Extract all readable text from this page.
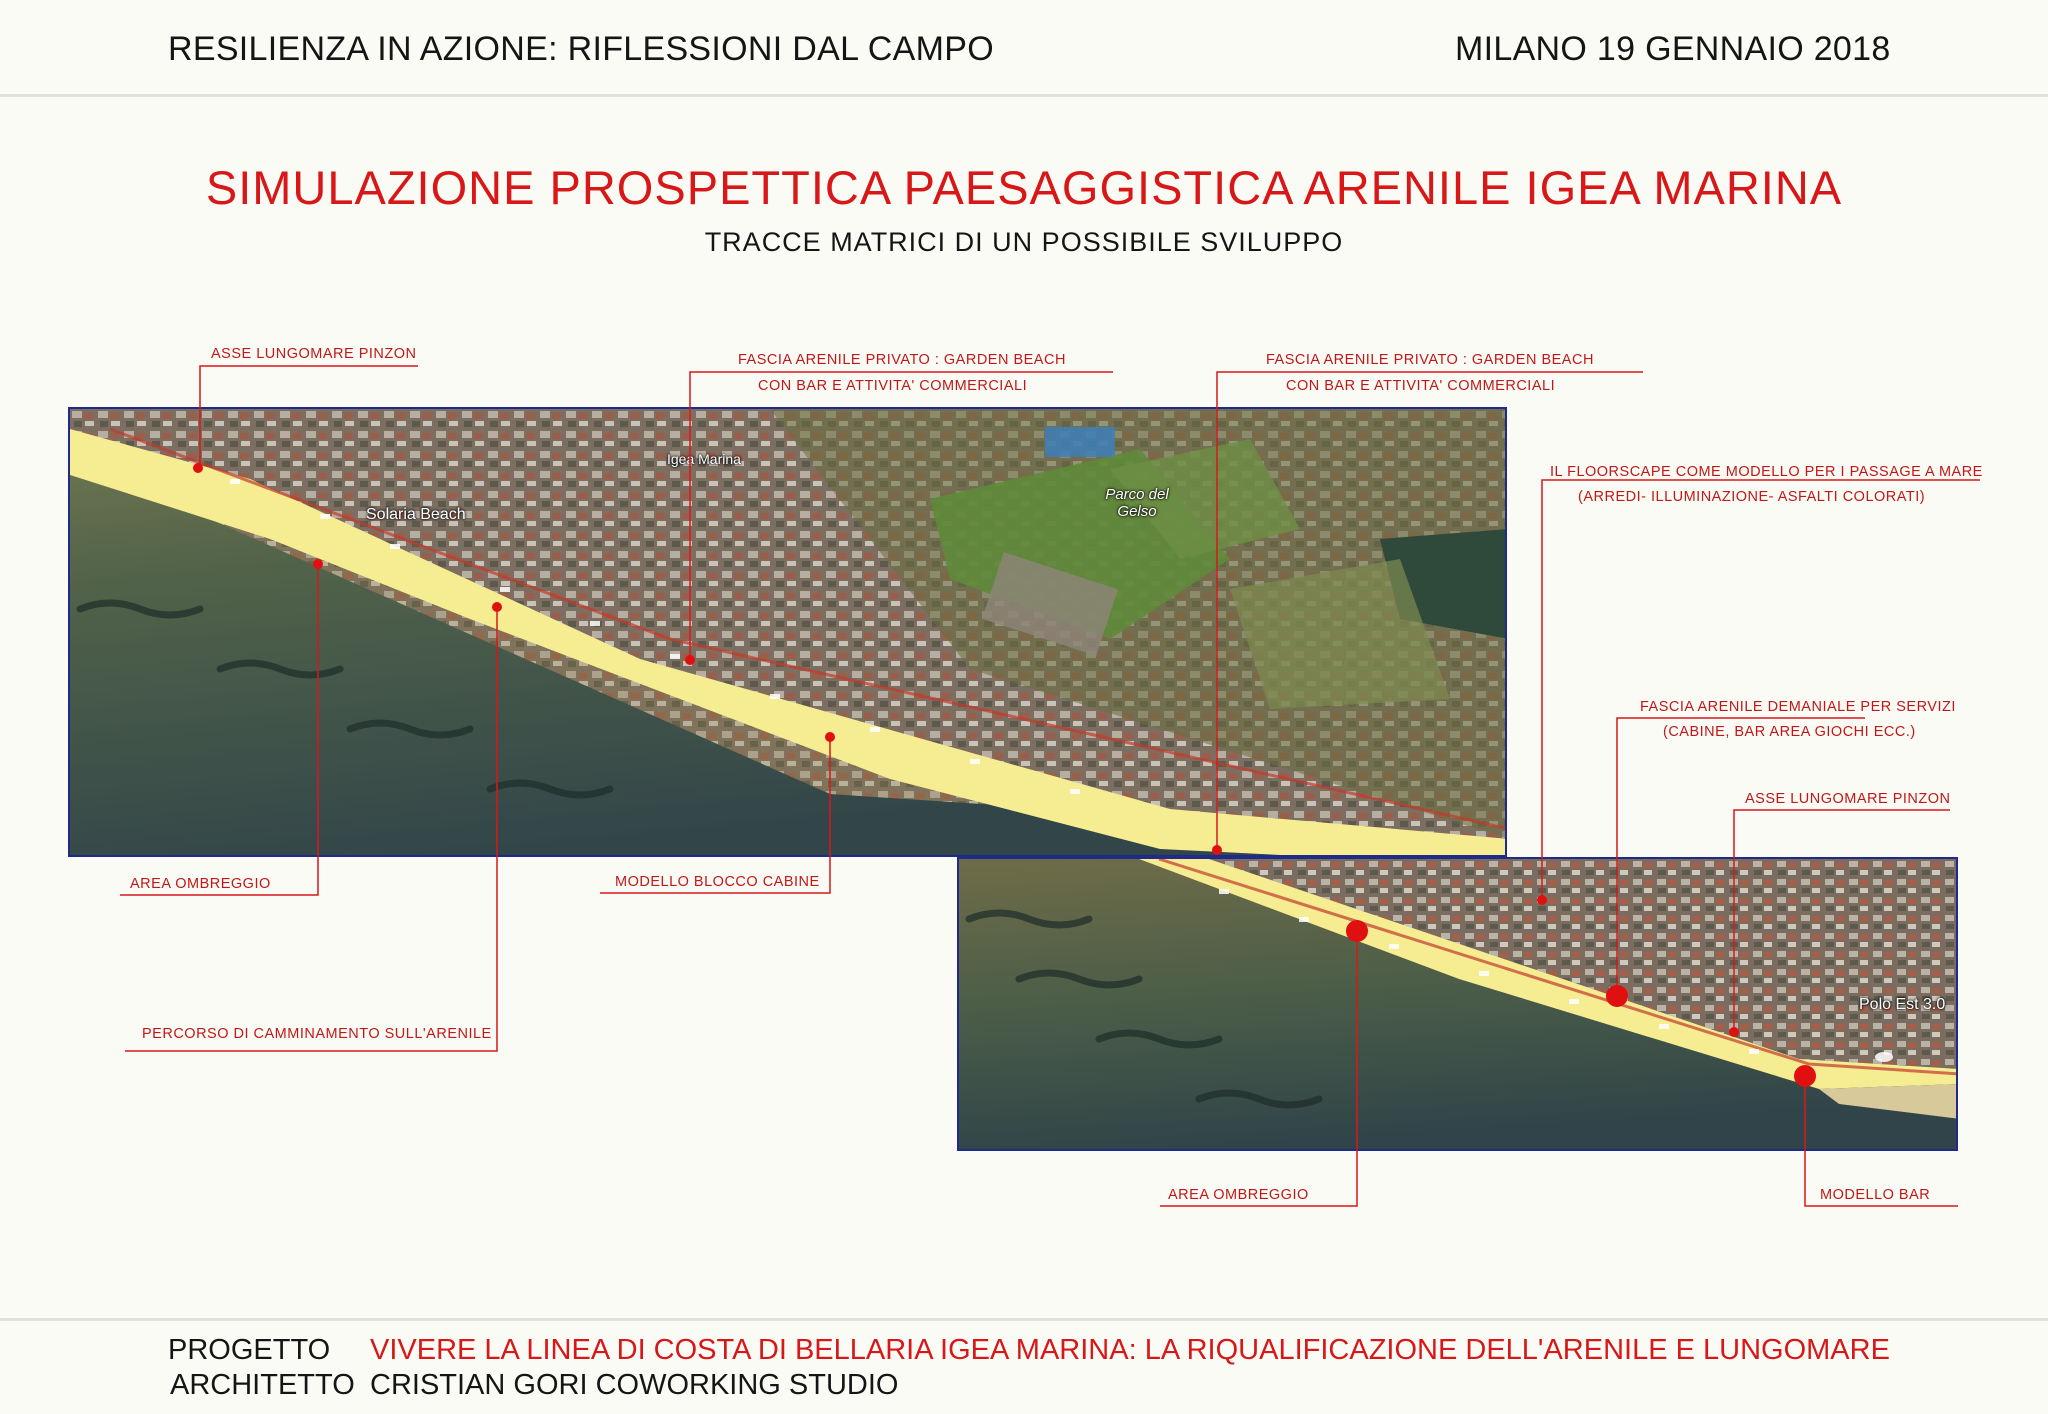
RESILIENZA IN AZIONE: RIFLESSIONI DAL CAMPO	MILANO 19 GENNAIO 2018
SIMULAZIONE PROSPETTICA PAESAGGISTICA ARENILE IGEA MARINA
TRACCE MATRICI DI UN POSSIBILE SVILUPPO
Solaria Beach
Igea Marina
Parco del Gelso
Polo Est 3.0
ASSE LUNGOMARE PINZON	FASCIA ARENILE PRIVATO : GARDEN BEACH
CON BAR E ATTIVITA' COMMERCIALI
FASCIA ARENILE PRIVATO : GARDEN BEACH
CON BAR E ATTIVITA' COMMERCIALI
IL FLOORSCAPE COME MODELLO PER I PASSAGE A MARE
(ARREDI- ILLUMINAZIONE- ASFALTI COLORATI)
FASCIA ARENILE DEMANIALE PER SERVIZI
(CABINE, BAR AREA GIOCHI ECC.)
ASSE LUNGOMARE PINZON
AREA OMBREGGIO	MODELLO BLOCCO CABINE
PERCORSO DI CAMMINAMENTO SULL'ARENILE
AREA OMBREGGIO	MODELLO BAR
PROGETTO VIVERE LA LINEA DI COSTA DI BELLARIA IGEA MARINA: LA RIQUALIFICAZIONE DELL'ARENILE E LUNGOMARE
ARCHITETTO CRISTIAN GORI COWORKING STUDIO
